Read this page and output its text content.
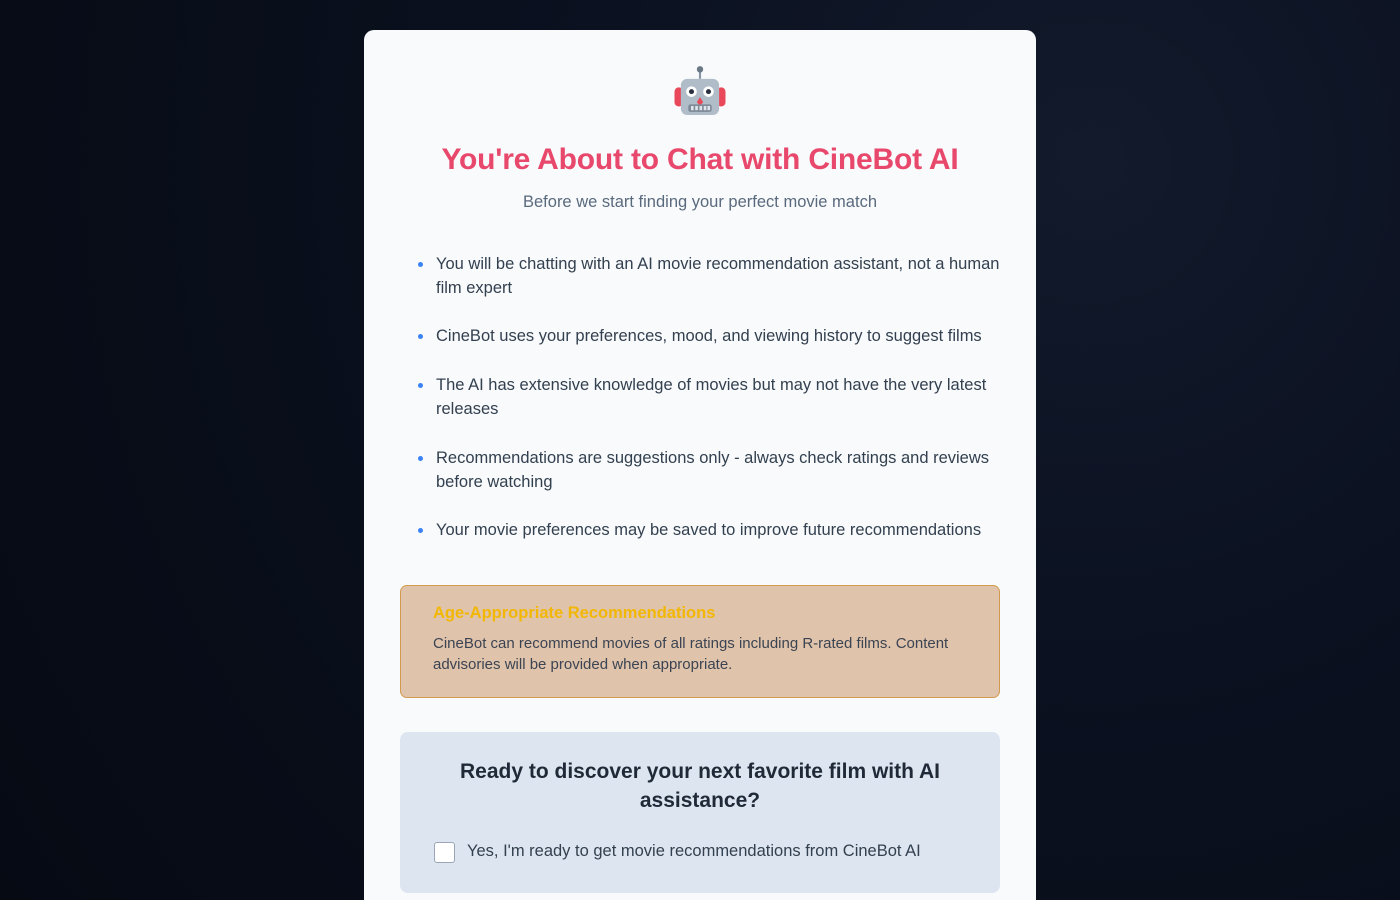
You're About to Chat with CineBot AI

Before we start finding your perfect movie match

You will be chatting with an AI movie recommendation assistant, not a human film expert
CineBot uses your preferences, mood, and viewing history to suggest films
The AI has extensive knowledge of movies but may not have the very latest releases
Recommendations are suggestions only - always check ratings and reviews before watching
Your movie preferences may be saved to improve future recommendations

Age-Appropriate Recommendations

CineBot can recommend movies of all ratings including R-rated films. Content advisories will be provided when appropriate.

Ready to discover your next favorite film with AI assistance?
Yes, I'm ready to get movie recommendations from CineBot AI
